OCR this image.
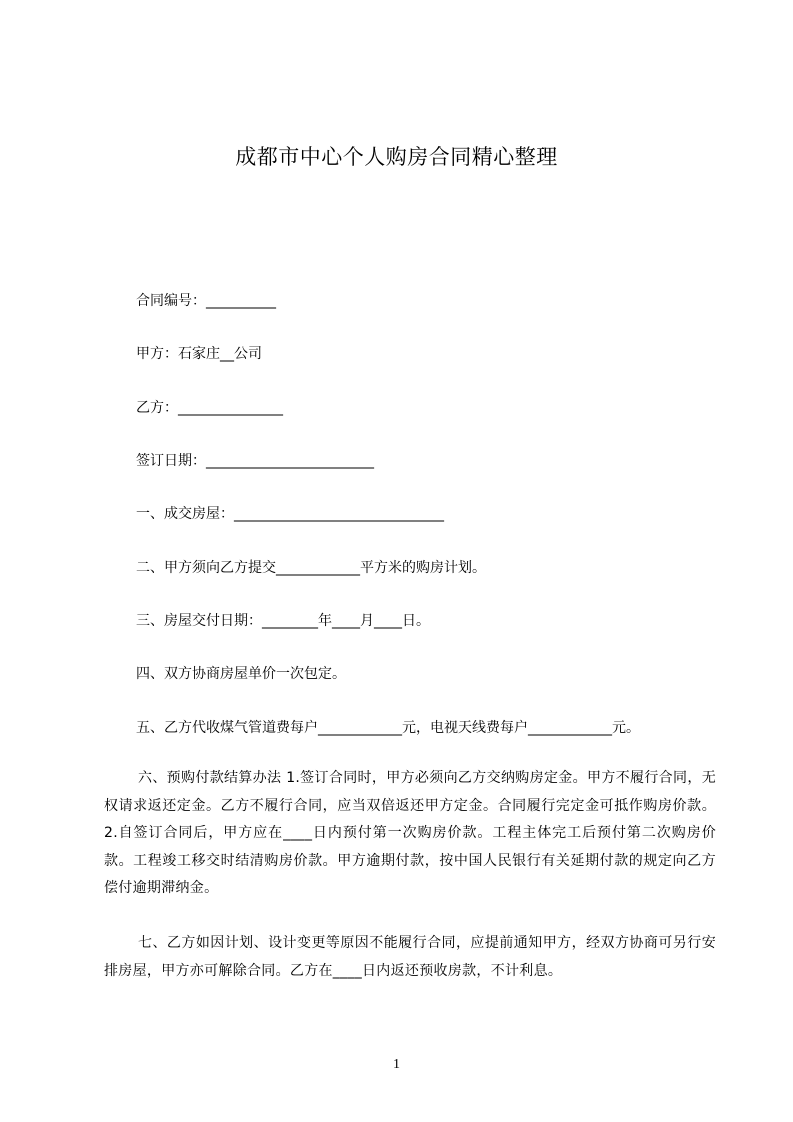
成都市中心个人购房合同精心整理
合同编号：__________
甲方：石家庄__公司
乙方：_______________
签订日期：________________________
一、成交房屋：______________________________
二、甲方须向乙方提交____________平方米的购房计划。
三、房屋交付日期：________年____月____日。
四、双方协商房屋单价一次包定。
五、乙方代收煤气管道费每户____________元，电视天线费每户____________元。
六、预购付款结算办法 1.签订合同时，甲方必须向乙方交纳购房定金。甲方不履行合同，无权请求返还定金。乙方不履行合同，应当双倍返还甲方定金。合同履行完定金可抵作购房价款。2.自签订合同后，甲方应在____日内预付第一次购房价款。工程主体完工后预付第二次购房价款。工程竣工移交时结清购房价款。甲方逾期付款，按中国人民银行有关延期付款的规定向乙方偿付逾期滞纳金。
七、乙方如因计划、设计变更等原因不能履行合同，应提前通知甲方，经双方协商可另行安排房屋，甲方亦可解除合同。乙方在____日内返还预收房款，不计利息。
1
